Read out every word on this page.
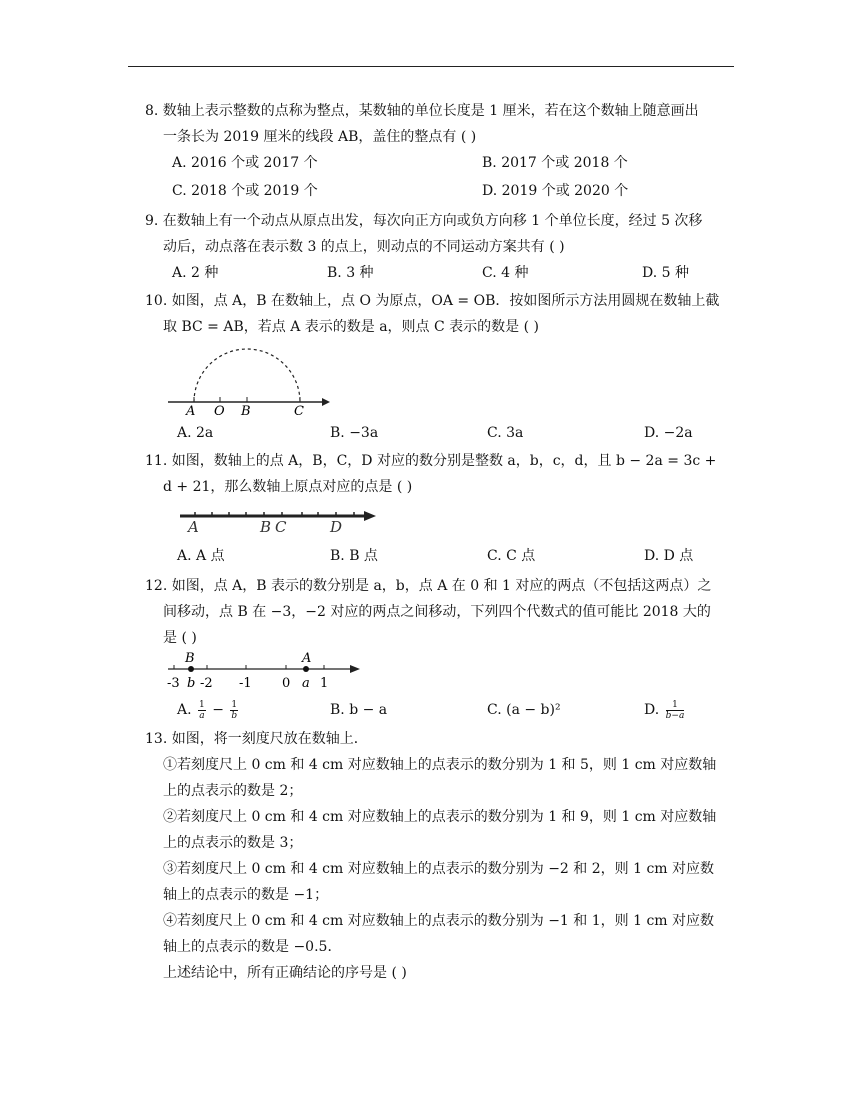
8. 数轴上表示整数的点称为整点，某数轴的单位长度是 1 厘米，若在这个数轴上随意画出
一条长为 2019 厘米的线段 AB，盖住的整点有 ( )
A. 2016 个或 2017 个	B. 2017 个或 2018 个
C. 2018 个或 2019 个	D. 2019 个或 2020 个
9. 在数轴上有一个动点从原点出发，每次向正方向或负方向移 1 个单位长度，经过 5 次移
动后，动点落在表示数 3 的点上，则动点的不同运动方案共有 ( )
A. 2 种	B. 3 种	C. 4 种	D. 5 种
10. 如图，点 A，B 在数轴上，点 O 为原点，OA = OB．按如图所示方法用圆规在数轴上截
取 BC = AB，若点 A 表示的数是 a，则点 C 表示的数是 ( )
A O B	C
A. 2a	B. −3a	C. 3a	D. −2a
11. 如图，数轴上的点 A，B，C，D 对应的数分别是整数 a，b，c，d，且 b − 2a = 3c +
d + 21，那么数轴上原点对应的点是 ( )
A	B C	D
A. A 点	B. B 点	C. C 点	D. D 点
12. 如图，点 A，B 表示的数分别是 a，b，点 A 在 0 和 1 对应的两点（不包括这两点）之
间移动，点 B 在 −3，−2 对应的两点之间移动，下列四个代数式的值可能比 2018 大的
是 ( )
B	A
-3 b -2 -1 0 a 1
A. $\frac{1}{a} - \frac{1}{b}$	B. b − a	C. (a − b)²	D. $\frac{1}{b-a}$
13. 如图，将一刻度尺放在数轴上．
①若刻度尺上 0 cm 和 4 cm 对应数轴上的点表示的数分别为 1 和 5，则 1 cm 对应数轴
上的点表示的数是 2；
②若刻度尺上 0 cm 和 4 cm 对应数轴上的点表示的数分别为 1 和 9，则 1 cm 对应数轴
上的点表示的数是 3；
③若刻度尺上 0 cm 和 4 cm 对应数轴上的点表示的数分别为 −2 和 2，则 1 cm 对应数
轴上的点表示的数是 −1；
④若刻度尺上 0 cm 和 4 cm 对应数轴上的点表示的数分别为 −1 和 1，则 1 cm 对应数
轴上的点表示的数是 −0.5．
上述结论中，所有正确结论的序号是 ( )
